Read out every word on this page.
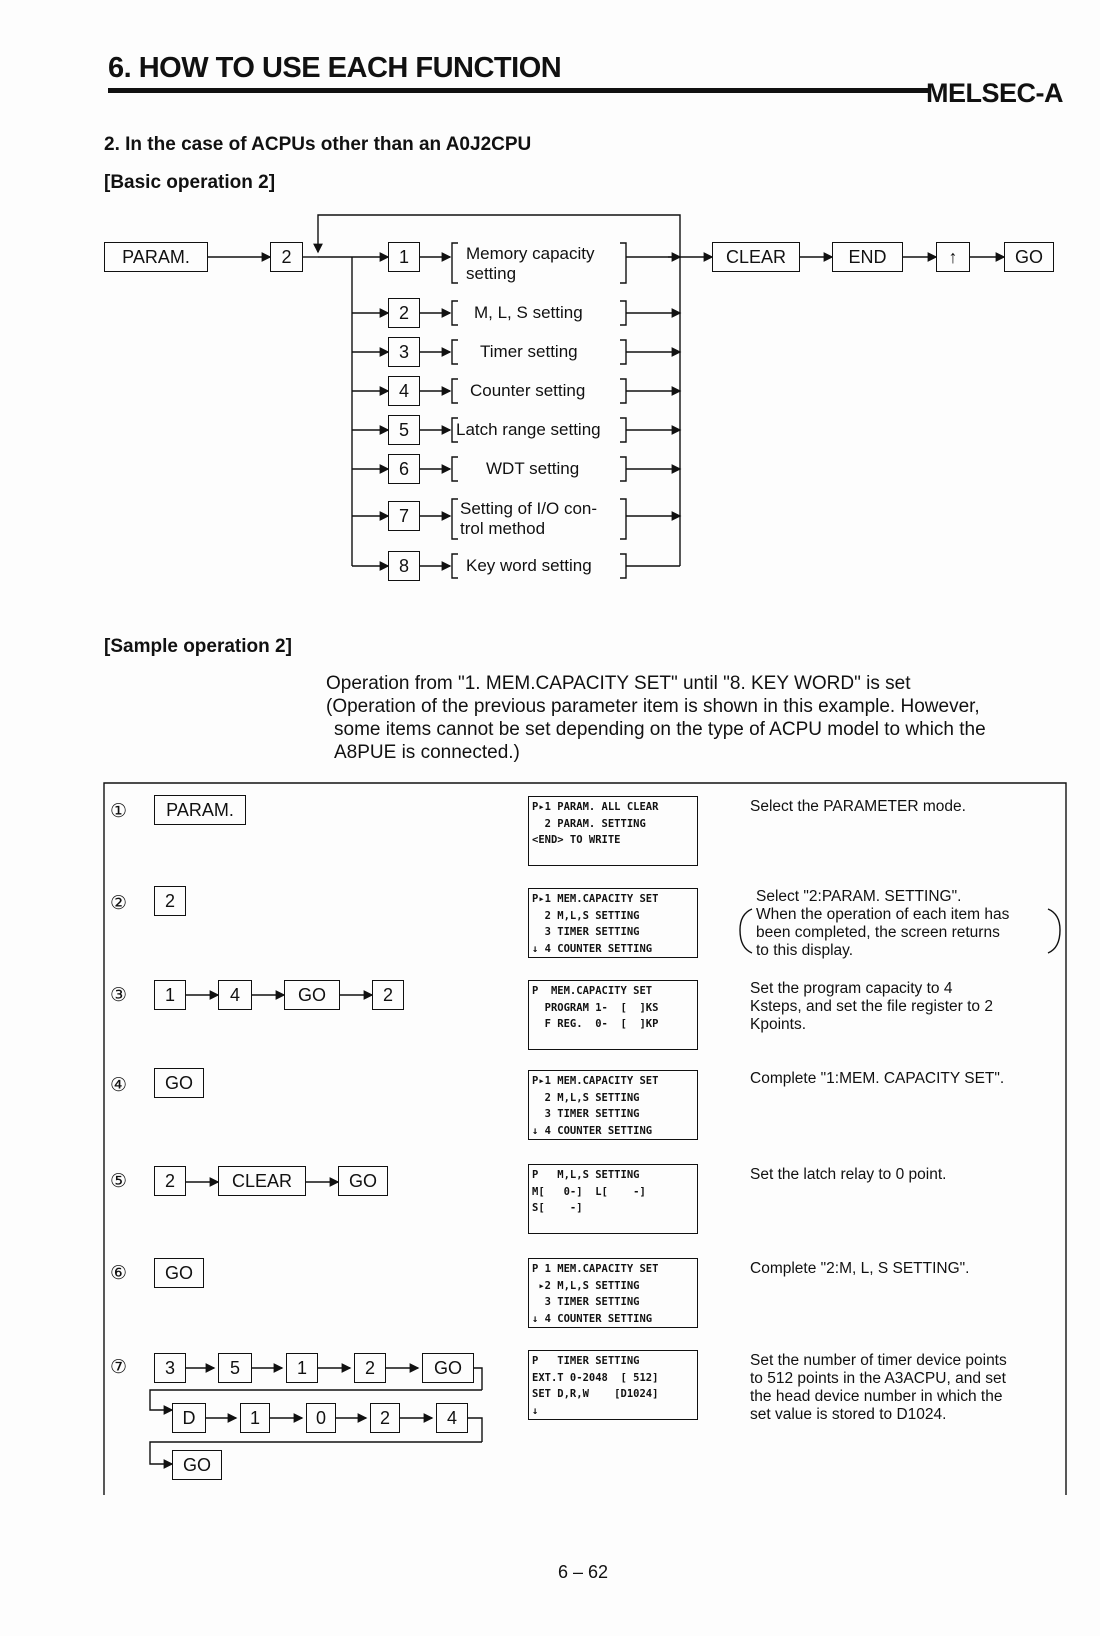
6. HOW TO USE EACH FUNCTION
MELSEC-A
2. In the case of ACPUs other than an A0J2CPU
[Basic operation 2]
PARAM.	2	1	Memory capacity
setting
2	M, L, S setting
3	Timer setting
4	Counter setting
5	Latch range setting
6	WDT setting
7	Setting of I/O con-
trol method
8	Key word setting
CLEAR	END	↑	GO
[Sample operation 2]
Operation from "1. MEM.CAPACITY SET" until "8. KEY WORD" is set
(Operation of the previous parameter item is shown in this example. However,
some items cannot be set depending on the type of ACPU model to which the
A8PUE is connected.)
①	PARAM.	P▸1 PARAM. ALL CLEAR
2 PARAM. SETTING
<END> TO WRITE
Select the PARAMETER mode.
②	2	P▸1 MEM.CAPACITY SET
2 M,L,S SETTING
3 TIMER SETTING
↓ 4 COUNTER SETTING
Select "2:PARAM. SETTING".
When the operation of each item has
been completed, the screen returns
to this display.
③	1	4	GO	2	P  MEM.CAPACITY SET
PROGRAM 1-  [  ]KS
F REG.  0-  [  ]KP
Set the program capacity to 4
Ksteps, and set the file register to 2
Kpoints.
④	GO	P▸1 MEM.CAPACITY SET
2 M,L,S SETTING
3 TIMER SETTING
↓ 4 COUNTER SETTING
Complete "1:MEM. CAPACITY SET".
⑤	2	CLEAR	GO	P   M,L,S SETTING
M[   0-]  L[    -]
S[    -]
Set the latch relay to 0 point.
⑥	GO	P 1 MEM.CAPACITY SET
▸2 M,L,S SETTING
3 TIMER SETTING
↓ 4 COUNTER SETTING
Complete "2:M, L, S SETTING".
⑦	3	5	1	2	GO
D	1	0	2	4
GO
P   TIMER SETTING
EXT.T 0-2048  [ 512]
SET D,R,W    [D1024]
↓
Set the number of timer device points
to 512 points in the A3ACPU, and set
the head device number in which the
set value is stored to D1024.
6 – 62
